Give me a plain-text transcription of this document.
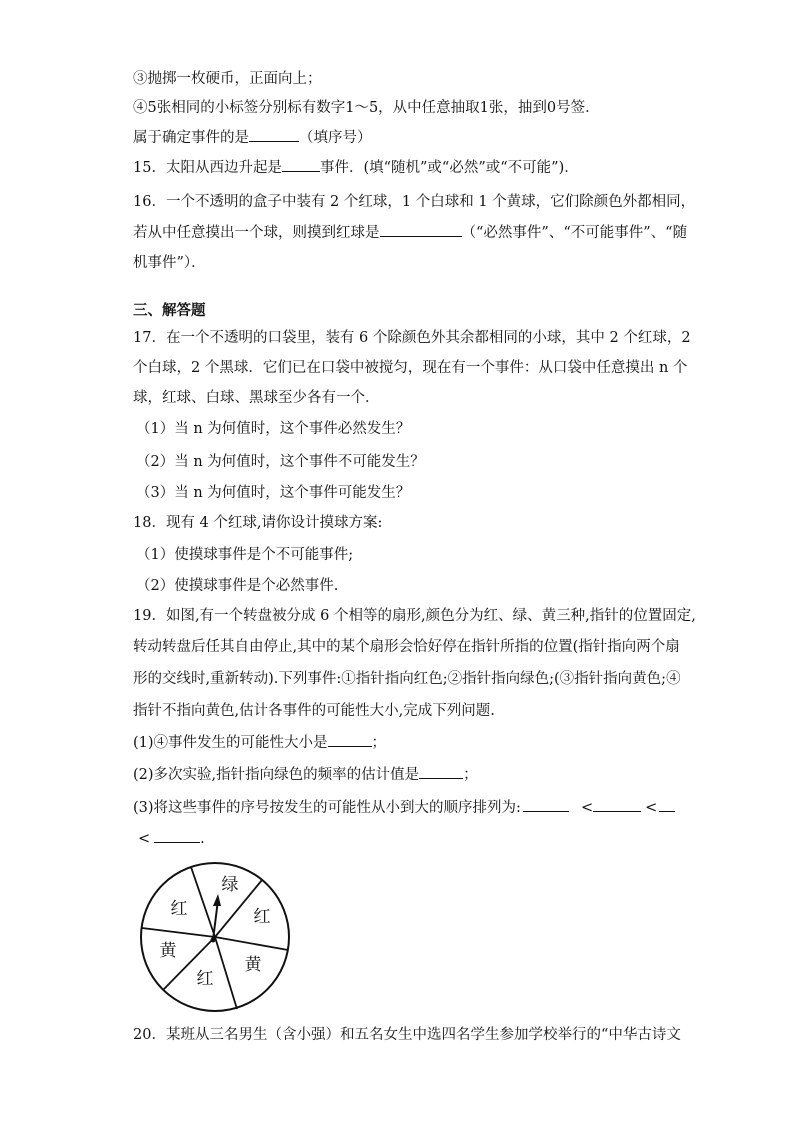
③抛掷一枚硬币，正面向上；
④5张相同的小标签分别标有数字1～5，从中任意抽取1张，抽到0号签．
属于确定事件的是	（填序号）
15．太阳从西边升起是	事件．(填“随机”或“必然”或“不可能”)．
16．一个不透明的盒子中装有 2 个红球，1 个白球和 1 个黄球，它们除颜色外都相同，
若从中任意摸出一个球，则摸到红球是	（“必然事件”、“不可能事件”、“随
机事件”）．
三、解答题
17．在一个不透明的口袋里，装有 6 个除颜色外其余都相同的小球，其中 2 个红球，2
个白球，2 个黑球．它们已在口袋中被搅匀，现在有一个事件：从口袋中任意摸出 n 个
球，红球、白球、黑球至少各有一个．
（1）当 n 为何值时，这个事件必然发生？
（2）当 n 为何值时，这个事件不可能发生？
（3）当 n 为何值时，这个事件可能发生？
18．现有 4 个红球,请你设计摸球方案:
（1）使摸球事件是个不可能事件;
（2）使摸球事件是个必然事件.
19．如图,有一个转盘被分成 6 个相等的扇形,颜色分为红、绿、黄三种,指针的位置固定,
转动转盘后任其自由停止,其中的某个扇形会恰好停在指针所指的位置(指针指向两个扇
形的交线时,重新转动).下列事件:①指针指向红色;②指针指向绿色;(③指针指向黄色;④
指针不指向黄色,估计各事件的可能性大小,完成下列问题.
(1)④事件发生的可能性大小是	；
(2)多次实验,指针指向绿色的频率的估计值是	；
(3)将这些事件的序号按发生的可能性从小到大的顺序排列为:	<	<
<	.
绿
红
黄
红
黄
红
20．某班从三名男生（含小强）和五名女生中选四名学生参加学校举行的“中华古诗文
